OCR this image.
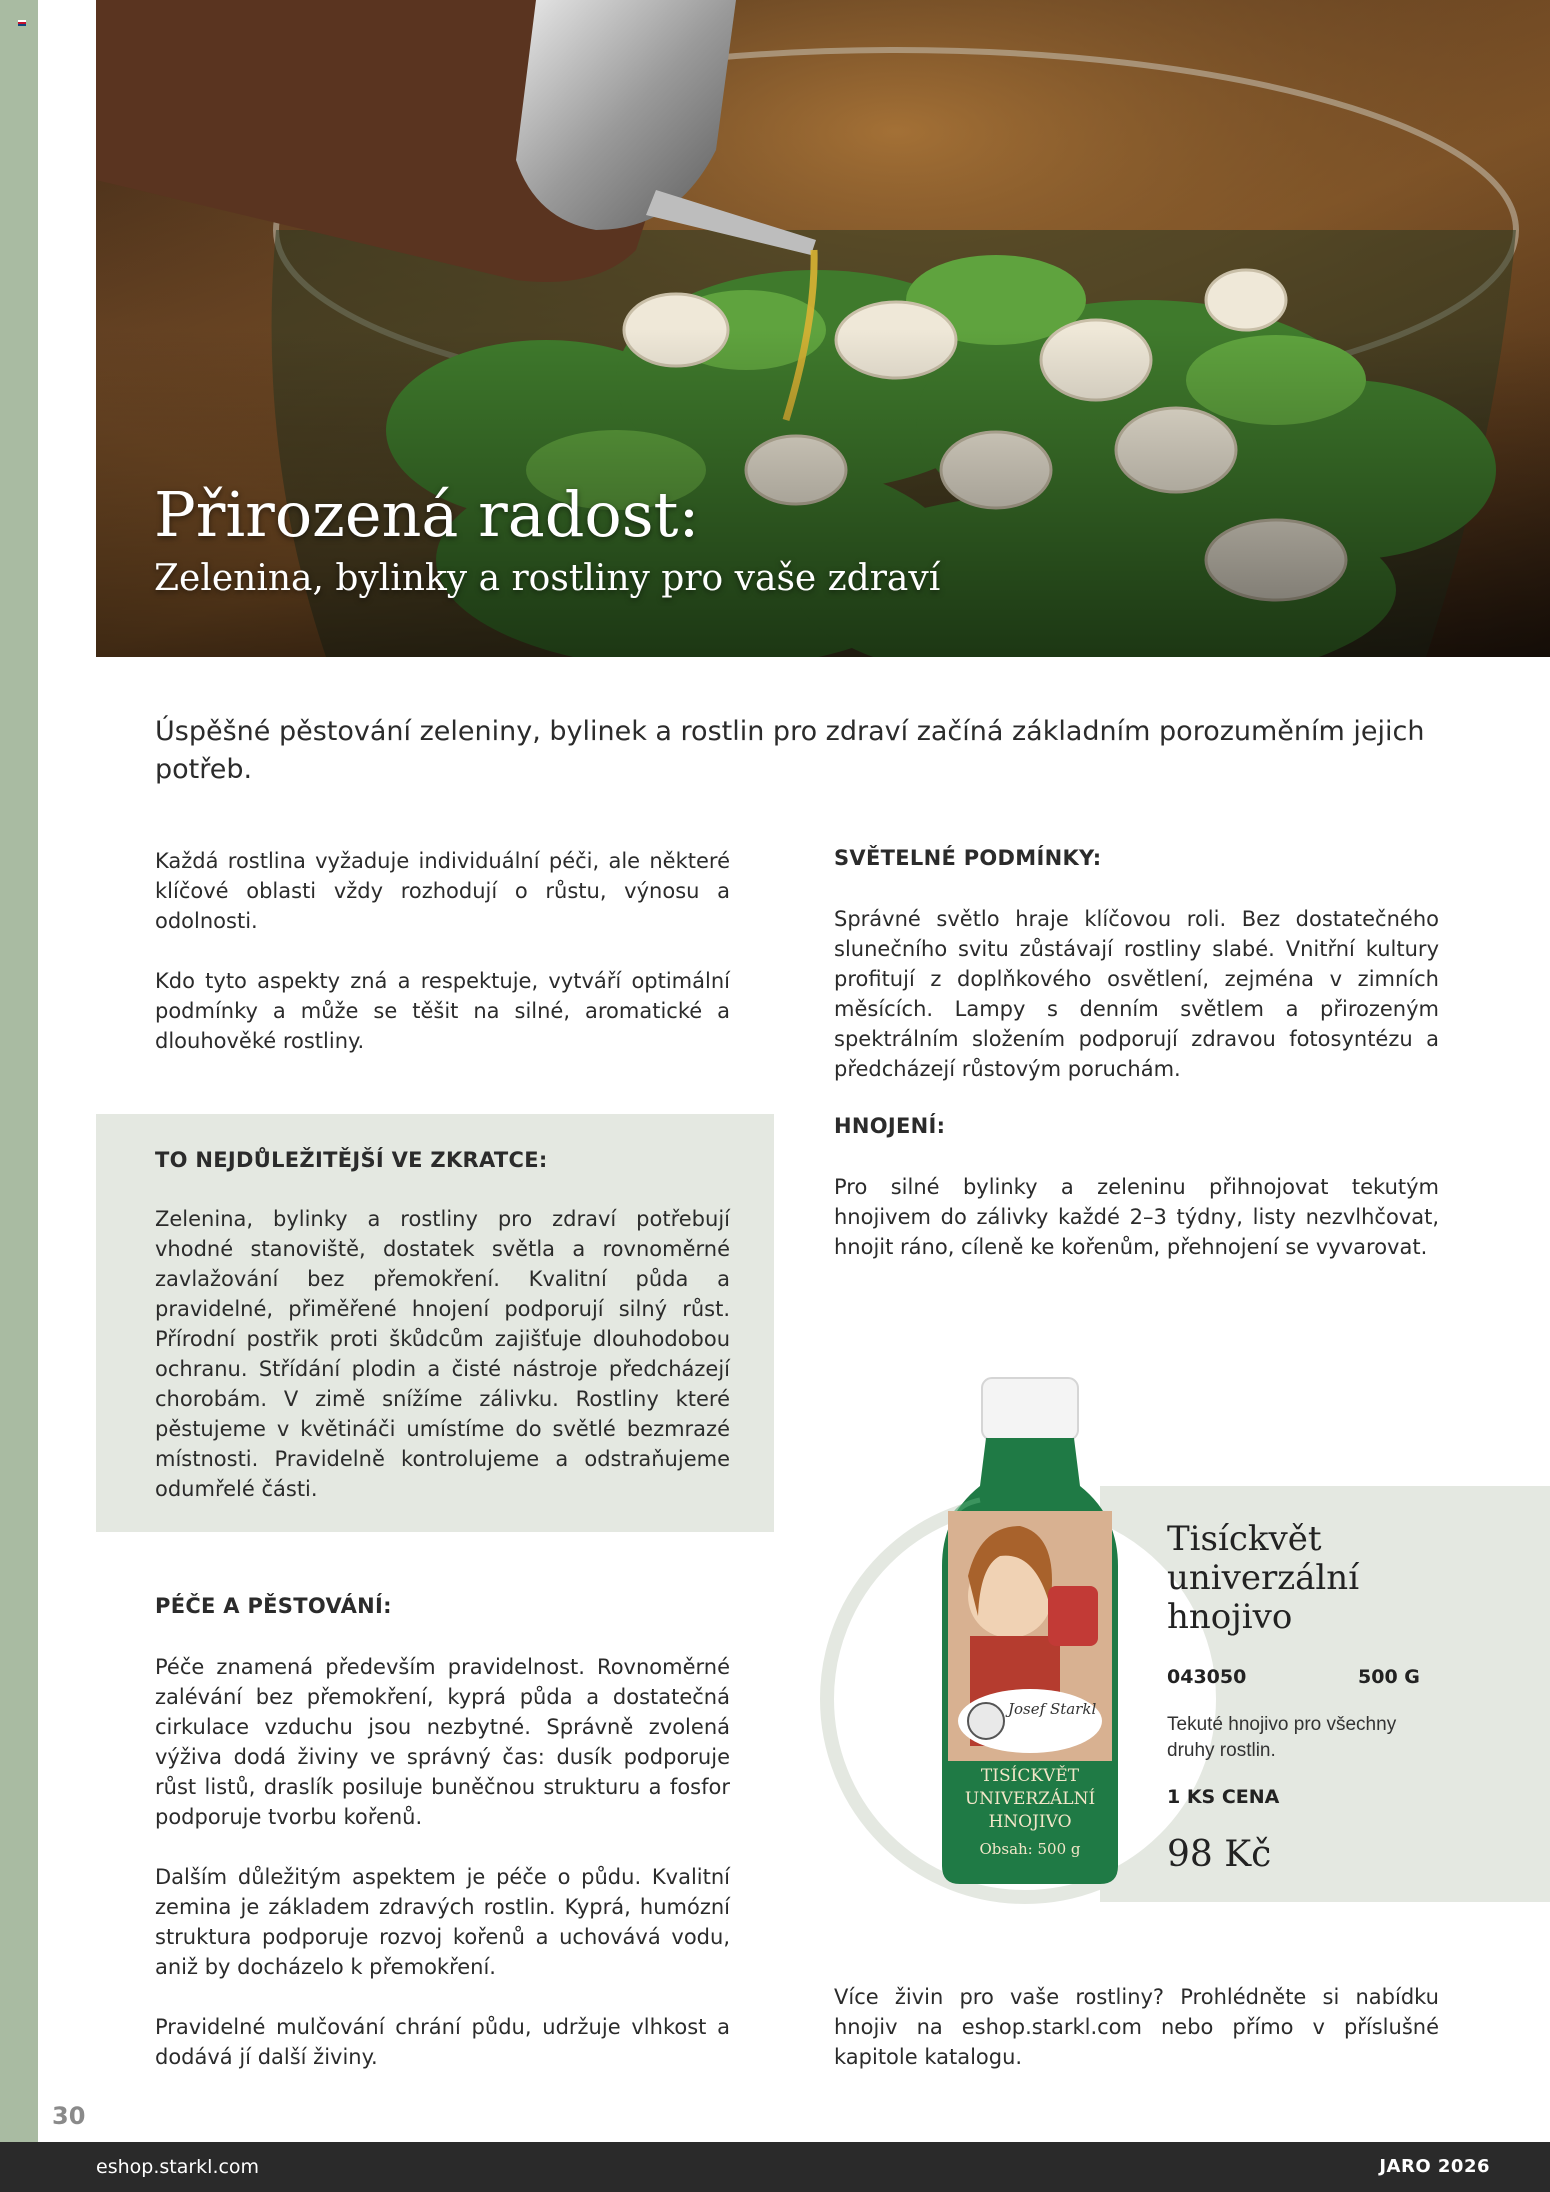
Přirozená radost:
Zelenina, bylinky a rostliny pro vaše zdraví
Úspěšné pěstování zeleniny, bylinek a rostlin pro zdraví začíná základním porozuměním jejich potřeb.
Každá rostlina vyžaduje individuální péči, ale některé klíčové oblasti vždy rozhodují o růstu, výnosu a odolnosti.
Kdo tyto aspekty zná a respektuje, vytváří optimální podmínky a může se těšit na silné, aromatické a dlouhověké rostliny.
TO NEJDŮLEŽITĚJŠÍ VE ZKRATCE:
Zelenina, bylinky a rostliny pro zdraví potřebují vhodné stanoviště, dostatek světla a rovnoměrné zavlažování bez přemokření. Kvalitní půda a pravidelné, přiměřené hnojení podporují silný růst. Přírodní postřik proti škůdcům zajišťuje dlouhodobou ochranu. Střídání plodin a čisté nástroje předcházejí chorobám. V zimě snížíme zálivku. Rostliny které pěstujeme v květináči umístíme do světlé bezmrazé místnosti. Pravidelně kontrolujeme a odstraňujeme odumřelé části.
PÉČE A PĚSTOVÁNÍ:
Péče znamená především pravidelnost. Rovnoměrné zalévání bez přemokření, kyprá půda a dostatečná cirkulace vzduchu jsou nezbytné. Správně zvolená výživa dodá živiny ve správný čas: dusík podporuje růst listů, draslík posiluje buněčnou strukturu a fosfor podporuje tvorbu kořenů.
Dalším důležitým aspektem je péče o půdu. Kvalitní zemina je základem zdravých rostlin. Kyprá, humózní struktura podporuje rozvoj kořenů a uchovává vodu, aniž by docházelo k přemokření.
Pravidelné mulčování chrání půdu, udržuje vlhkost a dodává jí další živiny.
SVĚTELNÉ PODMÍNKY:
Správné světlo hraje klíčovou roli. Bez dostatečného slunečního svitu zůstávají rostliny slabé. Vnitřní kultury profitují z doplňkového osvětlení, zejména v zimních měsících. Lampy s denním světlem a přirozeným spektrálním složením podporují zdravou fotosyntézu a předcházejí růstovým poruchám.
HNOJENÍ:
Pro silné bylinky a zeleninu přihnojovat tekutým hnojivem do zálivky každé 2–3 týdny, listy nezvlhčovat, hnojit ráno, cíleně ke kořenům, přehnojení se vyvarovat.
Josef Starkl
TISÍCKVĚT
UNIVERZÁLNÍ
HNOJIVO
Obsah: 500 g
Tisíckvět univerzální hnojivo
043050	500 G
Tekuté hnojivo pro všechny druhy rostlin.
1 KS CENA
98 Kč
Více živin pro vaše rostliny? Prohlédněte si nabídku hnojiv na eshop.starkl.com nebo přímo v příslušné kapitole katalogu.
30
eshop.starkl.com	JARO 2026
